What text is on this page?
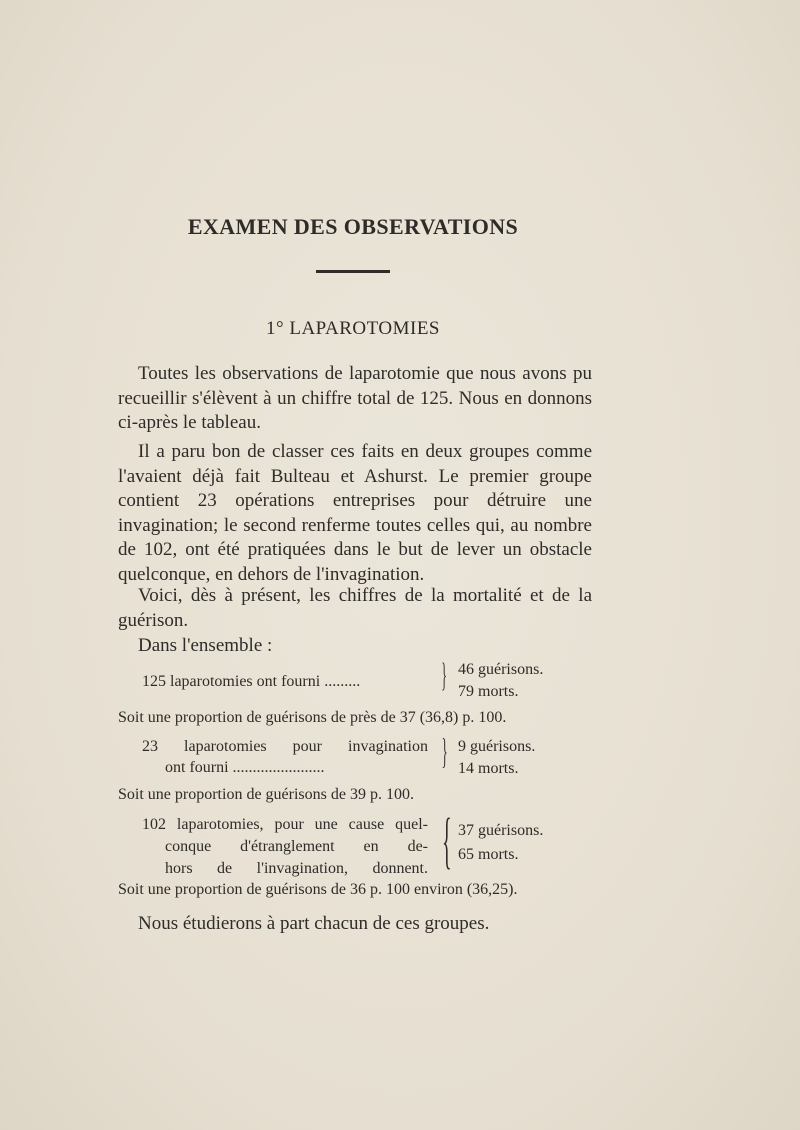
EXAMEN DES OBSERVATIONS
1° LAPAROTOMIES

Toutes les observations de laparotomie que nous avons pu recueillir s'élèvent à un chiffre total de 125. Nous en donnons ci-après le tableau.

Il a paru bon de classer ces faits en deux groupes comme l'avaient déjà fait Bulteau et Ashurst. Le premier groupe contient 23 opérations entreprises pour détruire une invagination; le second renferme toutes celles qui, au nombre de 102, ont été pratiquées dans le but de lever un obstacle quelconque, en dehors de l'invagination.

Voici, dès à présent, les chiffres de la mortalité et de la guérison.

Dans l'ensemble :

125 laparotomies ont fourni ......... } 46 guérisons.
79 morts.
Soit une proportion de guérisons de près de 37 (36,8) p. 100.
23 laparotomies pour invagination
ont fourni .......................	} 9 guérisons.
14 morts.
Soit une proportion de guérisons de 39 p. 100.
102 laparotomies, pour une cause quel-
conque d'étranglement en de-
hors de l'invagination, donnent. { 37 guérisons.
65 morts.
Soit une proportion de guérisons de 36 p. 100 environ (36,25).
Nous étudierons à part chacun de ces groupes.
